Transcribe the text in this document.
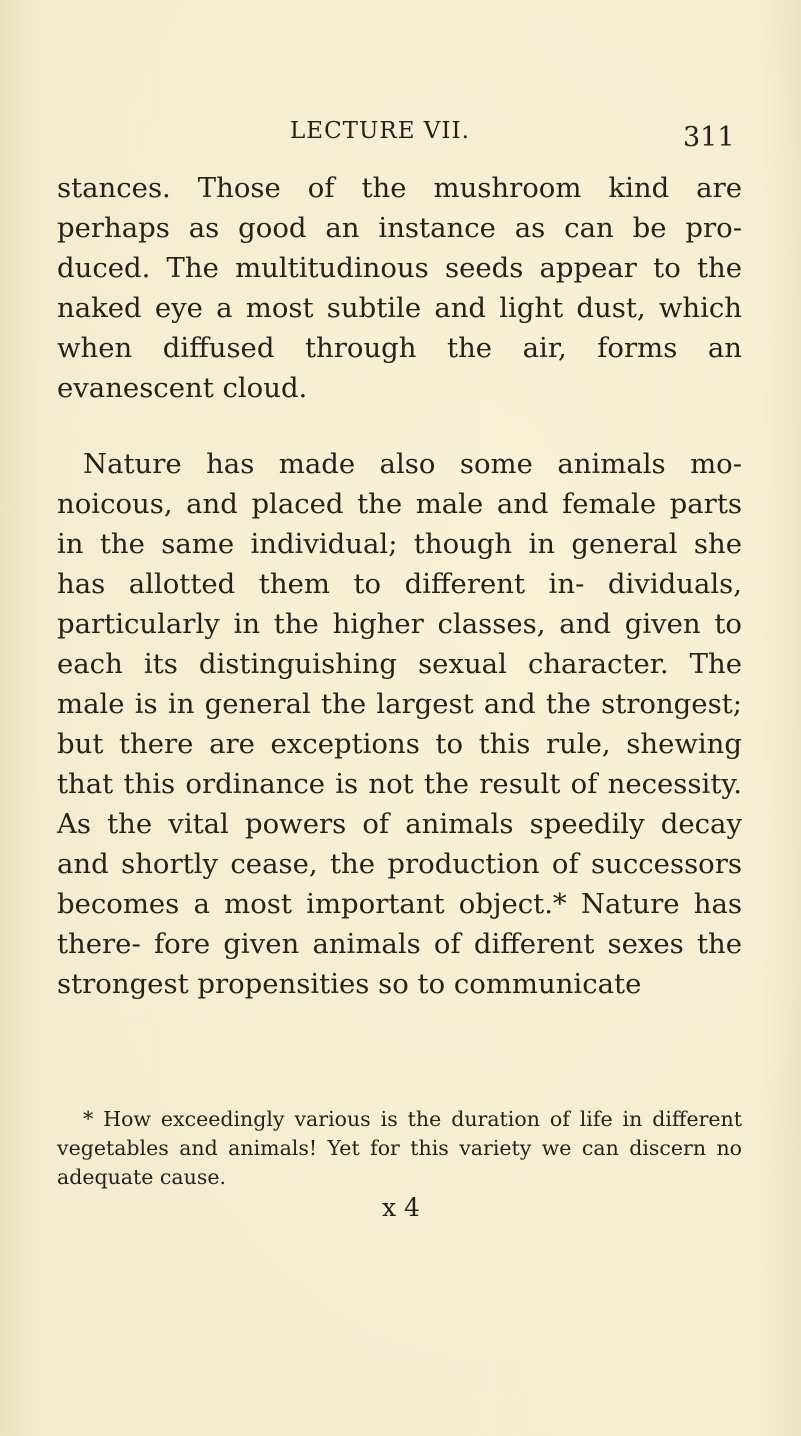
LECTURE VII.	311

stances. Those of the mushroom kind are perhaps as good an instance as can be pro- duced. The multitudinous seeds appear to the naked eye a most subtile and light dust, which when diffused through the air, forms an evanescent cloud.

Nature has made also some animals mo- noicous, and placed the male and female parts in the same individual; though in general she has allotted them to different in- dividuals, particularly in the higher classes, and given to each its distinguishing sexual character. The male is in general the largest and the strongest; but there are exceptions to this rule, shewing that this ordinance is not the result of necessity. As the vital powers of animals speedily decay and shortly cease, the production of successors becomes a most important object.* Nature has there- fore given animals of different sexes the strongest propensities so to communicate

* How exceedingly various is the duration of life in different vegetables and animals! Yet for this variety we can discern no adequate cause.

x 4
